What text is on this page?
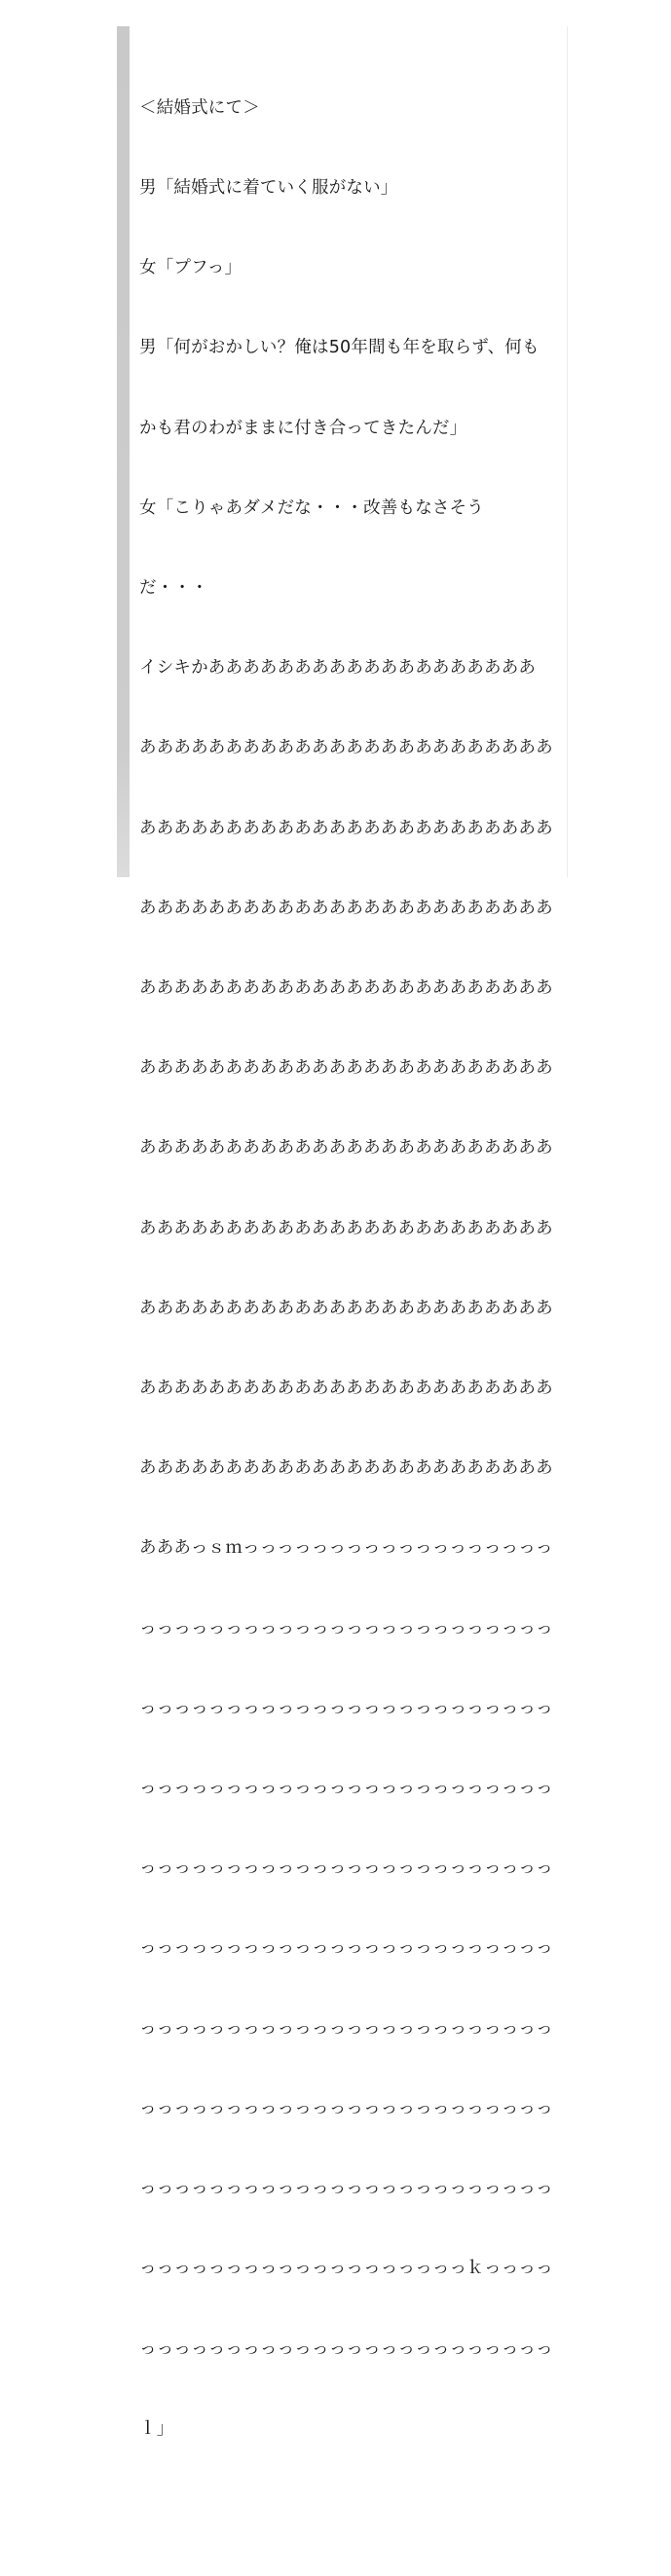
＜結婚式にて＞

男「結婚式に着ていく服がない」

女「プフっ」

男「何がおかしい？俺は50年間も年を取らず、何も

かも君のわがままに付き合ってきたんだ」

女「こりゃあダメだな・・・改善もなさそう

だ・・・

イシキかあああああああああああああああああああ

ああああああああああああああああああああああああ

ああああああああああああああああああああああああ

ああああああああああああああああああああああああ

ああああああああああああああああああああああああ

ああああああああああああああああああああああああ

ああああああああああああああああああああああああ

ああああああああああああああああああああああああ

ああああああああああああああああああああああああ

ああああああああああああああああああああああああ

ああああああああああああああああああああああああ

あああっｓｍっっっっっっっっっっっっっっっっっっ

っっっっっっっっっっっっっっっっっっっっっっっっ

っっっっっっっっっっっっっっっっっっっっっっっっ

っっっっっっっっっっっっっっっっっっっっっっっっ

っっっっっっっっっっっっっっっっっっっっっっっっ

っっっっっっっっっっっっっっっっっっっっっっっっ

っっっっっっっっっっっっっっっっっっっっっっっっ

っっっっっっっっっっっっっっっっっっっっっっっっ

っっっっっっっっっっっっっっっっっっっっっっっっ

っっっっっっっっっっっっっっっっっっっｋっっっっ

っっっっっっっっっっっっっっっっっっっっっっっっ

ｌ」
